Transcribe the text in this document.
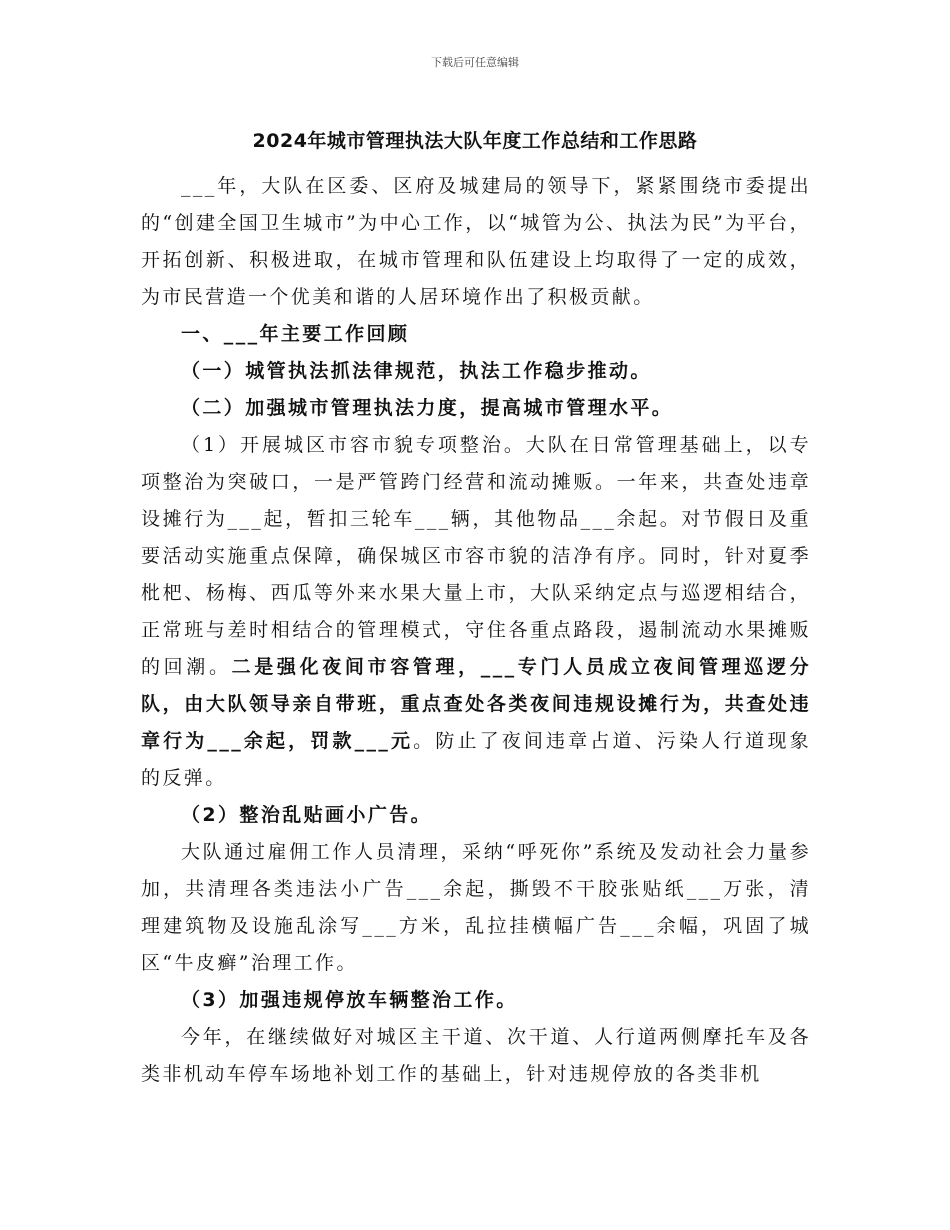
下载后可任意编辑
2024年城市管理执法大队年度工作总结和工作思路

___年，大队在区委、区府及城建局的领导下，紧紧围绕市委提出的“创建全国卫生城市”为中心工作，以“城管为公、执法为民”为平台，开拓创新、积极进取，在城市管理和队伍建设上均取得了一定的成效，为市民营造一个优美和谐的人居环境作出了积极贡献。

一、___年主要工作回顾

（一）城管执法抓法律规范，执法工作稳步推动。

（二）加强城市管理执法力度，提高城市管理水平。

（1）开展城区市容市貌专项整治。大队在日常管理基础上，以专项整治为突破口，一是严管跨门经营和流动摊贩。一年来，共查处违章设摊行为___起，暂扣三轮车___辆，其他物品___余起。对节假日及重要活动实施重点保障，确保城区市容市貌的洁净有序。同时，针对夏季枇杷、杨梅、西瓜等外来水果大量上市，大队采纳定点与巡逻相结合，正常班与差时相结合的管理模式，守住各重点路段，遏制流动水果摊贩的回潮。二是强化夜间市容管理，___专门人员成立夜间管理巡逻分队，由大队领导亲自带班，重点查处各类夜间违规设摊行为，共查处违章行为___余起，罚款___元。防止了夜间违章占道、污染人行道现象的反弹。

（2）整治乱贴画小广告。

大队通过雇佣工作人员清理，采纳“呼死你”系统及发动社会力量参加，共清理各类违法小广告___余起，撕毁不干胶张贴纸___万张，清理建筑物及设施乱涂写___方米，乱拉挂横幅广告___余幅，巩固了城区“牛皮癣”治理工作。

（3）加强违规停放车辆整治工作。

今年，在继续做好对城区主干道、次干道、人行道两侧摩托车及各类非机动车停车场地补划工作的基础上，针对违规停放的各类非机
